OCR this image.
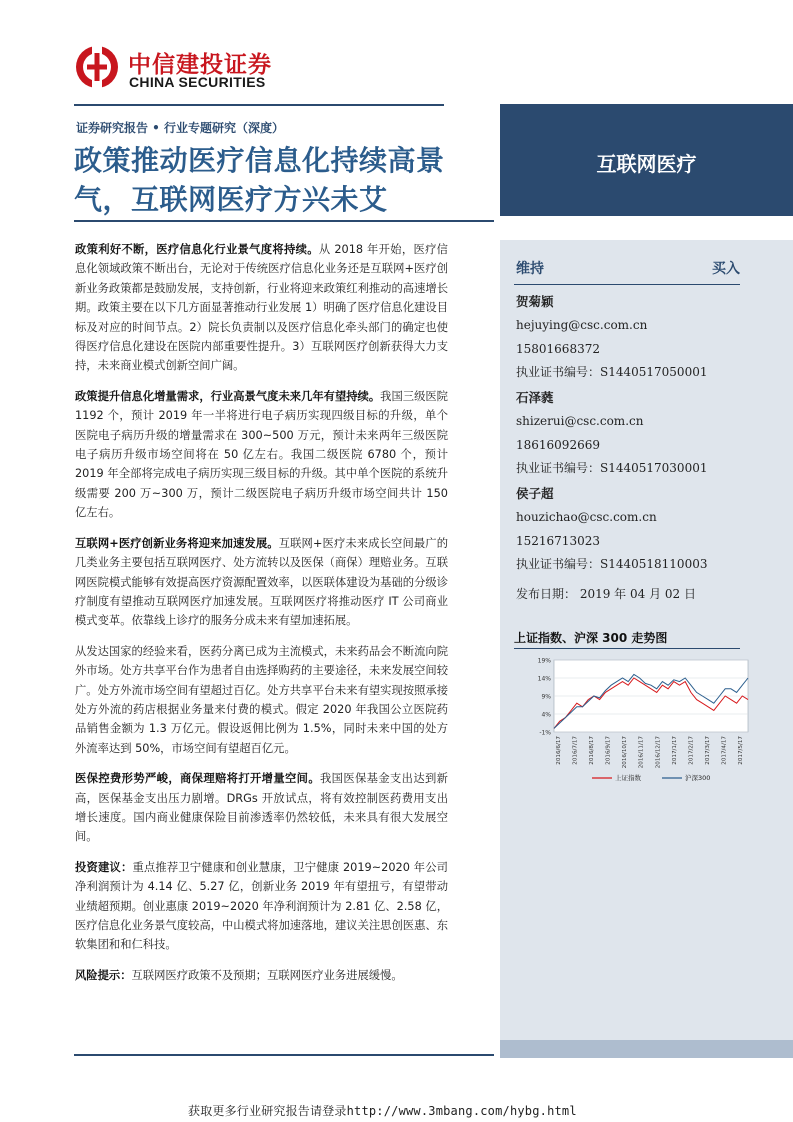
中信建投证券
CHINA SECURITIES
证券研究报告 • 行业专题研究（深度）
政策推动医疗信息化持续高景气，互联网医疗方兴未艾
互联网医疗
维持	买入
贺菊颖
hejuying@csc.com.cn
15801668372
执业证书编号：S1440517050001
石泽蕤
shizerui@csc.com.cn
18616092669
执业证书编号：S1440517030001
侯子超
houzichao@csc.com.cn
15216713023
执业证书编号：S1440518110003
发布日期： 2019 年 04 月 02 日
上证指数、沪深 300 走势图
19%
14%
9%
4%
-1%
2016/6/17 2016/7/17 2016/8/17 2016/9/17 2016/10/17 2016/11/17 2016/12/17 2017/1/17 2017/2/17 2017/3/17 2017/4/17 2017/5/17
上证指数	沪深300

政策利好不断，医疗信息化行业景气度将持续。从 2018 年开始，医疗信息化领域政策不断出台，无论对于传统医疗信息化业务还是互联网+医疗创新业务政策都是鼓励发展，支持创新，行业将迎来政策红利推动的高速增长期。政策主要在以下几方面显著推动行业发展 1）明确了医疗信息化建设目标及对应的时间节点。2）院长负责制以及医疗信息化牵头部门的确定也使得医疗信息化建设在医院内部重要性提升。3）互联网医疗创新获得大力支持，未来商业模式创新空间广阔。

政策提升信息化增量需求，行业高景气度未来几年有望持续。我国三级医院 1192 个，预计 2019 年一半将进行电子病历实现四级目标的升级，单个医院电子病历升级的增量需求在 300~500 万元，预计未来两年三级医院电子病历升级市场空间将在 50 亿左右。我国二级医院 6780 个，预计 2019 年全部将完成电子病历实现三级目标的升级。其中单个医院的系统升级需要 200 万~300 万，预计二级医院电子病历升级市场空间共计 150 亿左右。

互联网+医疗创新业务将迎来加速发展。互联网+医疗未来成长空间最广的几类业务主要包括互联网医疗、处方流转以及医保（商保）理赔业务。互联网医院模式能够有效提高医疗资源配置效率，以医联体建设为基础的分级诊疗制度有望推动互联网医疗加速发展。互联网医疗将推动医疗 IT 公司商业模式变革。依靠线上诊疗的服务分成未来有望加速拓展。

从发达国家的经验来看，医药分离已成为主流模式，未来药品会不断流向院外市场。处方共享平台作为患者自由选择购药的主要途径，未来发展空间较广。处方外流市场空间有望超过百亿。处方共享平台未来有望实现按照承接处方外流的药店根据业务量来付费的模式。假定 2020 年我国公立医院药品销售金额为 1.3 万亿元。假设返佣比例为 1.5%，同时未来中国的处方外流率达到 50%，市场空间有望超百亿元。

医保控费形势严峻，商保理赔将打开增量空间。我国医保基金支出达到新高，医保基金支出压力剧增。DRGs 开放试点，将有效控制医药费用支出增长速度。国内商业健康保险目前渗透率仍然较低，未来具有很大发展空间。

投资建议：重点推荐卫宁健康和创业慧康，卫宁健康 2019~2020 年公司净利润预计为 4.14 亿、5.27 亿，创新业务 2019 年有望扭亏，有望带动业绩超预期。创业惠康 2019~2020 年净利润预计为 2.81 亿、2.58 亿，医疗信息化业务景气度较高，中山模式将加速落地，建议关注思创医惠、东软集团和和仁科技。

风险提示：互联网医疗政策不及预期；互联网医疗业务进展缓慢。

获取更多行业研究报告请登录http://www.3mbang.com/hybg.html
